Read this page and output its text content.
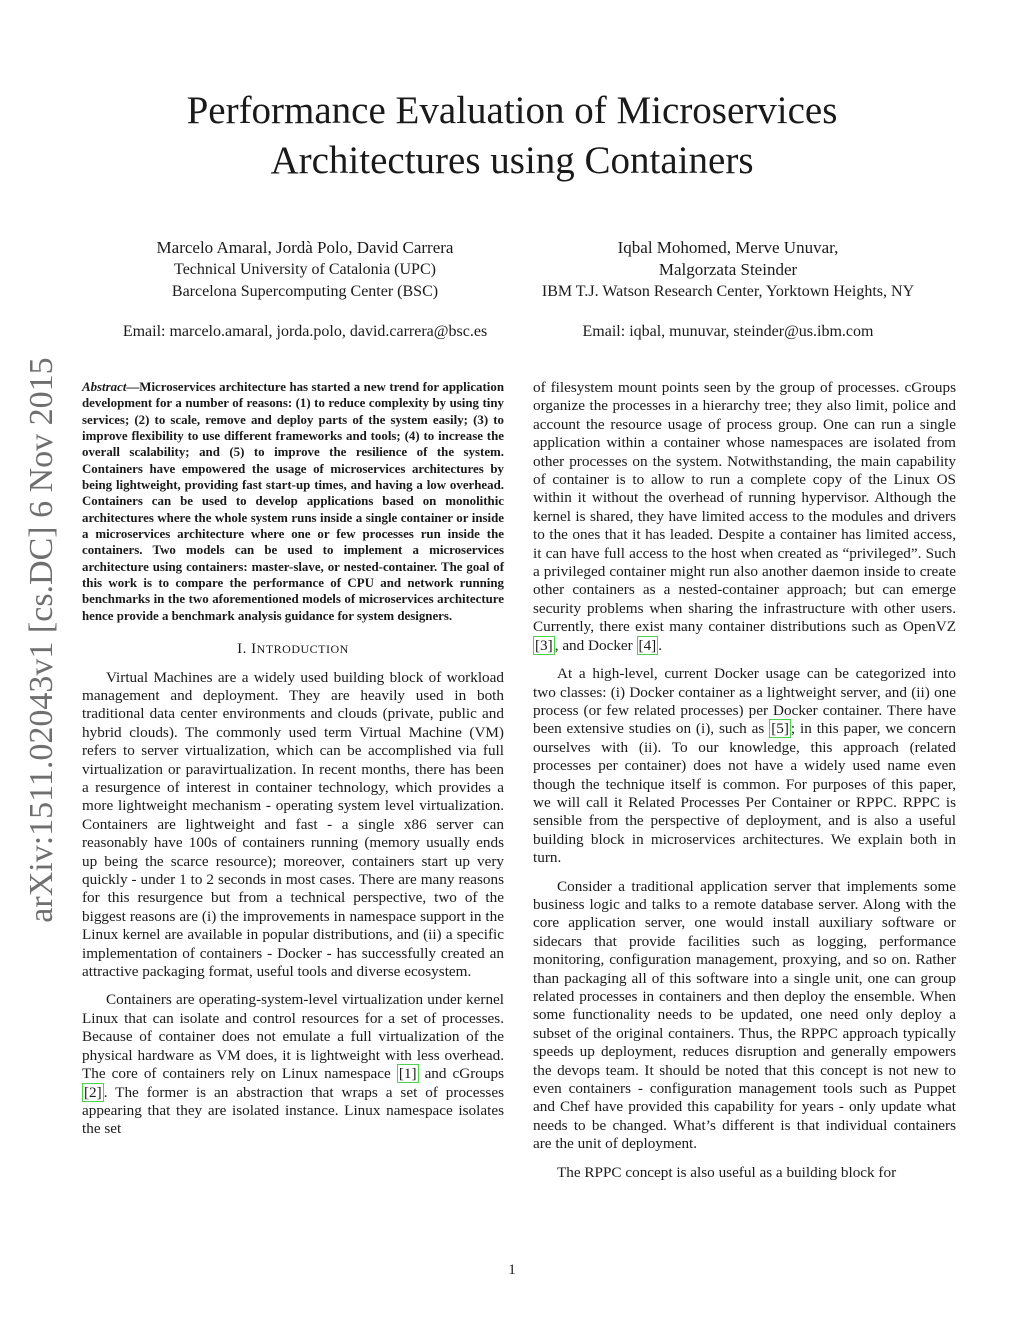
Performance Evaluation of Microservices
Architectures using Containers
Marcelo Amaral, Jordà Polo, David Carrera
Technical University of Catalonia (UPC)
Barcelona Supercomputing Center (BSC)
Email: marcelo.amaral, jorda.polo, david.carrera@bsc.es
Iqbal Mohomed, Merve Unuvar,
Malgorzata Steinder
IBM T.J. Watson Research Center, Yorktown Heights, NY
Email: iqbal, munuvar, steinder@us.ibm.com
arXiv:1511.02043v1 [cs.DC] 6 Nov 2015 Abstract—Microservices architecture has started a new trend for application development for a number of reasons: (1) to reduce complexity by using tiny services; (2) to scale, remove and deploy parts of the system easily; (3) to improve flexibility to use different frameworks and tools; (4) to increase the overall scalability; and (5) to improve the resilience of the system. Containers have empowered the usage of microservices architectures by being lightweight, providing fast start-up times, and having a low overhead. Containers can be used to develop applications based on monolithic architectures where the whole system runs inside a single container or inside a microservices architecture where one or few processes run inside the containers. Two models can be used to implement a microservices architecture using containers: master-slave, or nested-container. The goal of this work is to compare the performance of CPU and network running benchmarks in the two aforementioned models of microservices architecture hence provide a benchmark analysis guidance for system designers.
I. INTRODUCTION

Virtual Machines are a widely used building block of workload management and deployment. They are heavily used in both traditional data center environments and clouds (private, public and hybrid clouds). The commonly used term Virtual Machine (VM) refers to server virtualization, which can be accomplished via full virtualization or paravirtualization. In recent months, there has been a resurgence of interest in container technology, which provides a more lightweight mechanism - operating system level virtualization. Containers are lightweight and fast - a single x86 server can reasonably have 100s of containers running (memory usually ends up being the scarce resource); moreover, containers start up very quickly - under 1 to 2 seconds in most cases. There are many reasons for this resurgence but from a technical perspective, two of the biggest reasons are (i) the improvements in namespace support in the Linux kernel are available in popular distributions, and (ii) a specific implementation of containers - Docker - has successfully created an attractive packaging format, useful tools and diverse ecosystem.

Containers are operating-system-level virtualization under kernel Linux that can isolate and control resources for a set of processes. Because of container does not emulate a full virtualization of the physical hardware as VM does, it is lightweight with less overhead. The core of containers rely on Linux namespace [1] and cGroups [2] . The former is an abstraction that wraps a set of processes appearing that they are isolated instance. Linux namespace isolates the set

of filesystem mount points seen by the group of processes. cGroups organize the processes in a hierarchy tree; they also limit, police and account the resource usage of process group. One can run a single application within a container whose namespaces are isolated from other processes on the system. Notwithstanding, the main capability of container is to allow to run a complete copy of the Linux OS within it without the overhead of running hypervisor. Although the kernel is shared, they have limited access to the modules and drivers to the ones that it has leaded. Despite a container has limited access, it can have full access to the host when created as “privileged”. Such a privileged container might run also another daemon inside to create other containers as a nested-container approach; but can emerge security problems when sharing the infrastructure with other users. Currently, there exist many container distributions such as OpenVZ [3] , and Docker [4] .

At a high-level, current Docker usage can be categorized into two classes: (i) Docker container as a lightweight server, and (ii) one process (or few related processes) per Docker container. There have been extensive studies on (i), such as [5] ; in this paper, we concern ourselves with (ii). To our knowledge, this approach (related processes per container) does not have a widely used name even though the technique itself is common. For purposes of this paper, we will call it Related Processes Per Container or RPPC. RPPC is sensible from the perspective of deployment, and is also a useful building block in microservices architectures. We explain both in turn.

Consider a traditional application server that implements some business logic and talks to a remote database server. Along with the core application server, one would install auxiliary software or sidecars that provide facilities such as logging, performance monitoring, configuration management, proxying, and so on. Rather than packaging all of this software into a single unit, one can group related processes in containers and then deploy the ensemble. When some functionality needs to be updated, one need only deploy a subset of the original containers. Thus, the RPPC approach typically speeds up deployment, reduces disruption and generally empowers the devops team. It should be noted that this concept is not new to even containers - configuration management tools such as Puppet and Chef have provided this capability for years - only update what needs to be changed. What’s different is that individual containers are the unit of deployment.

The RPPC concept is also useful as a building block for

1
